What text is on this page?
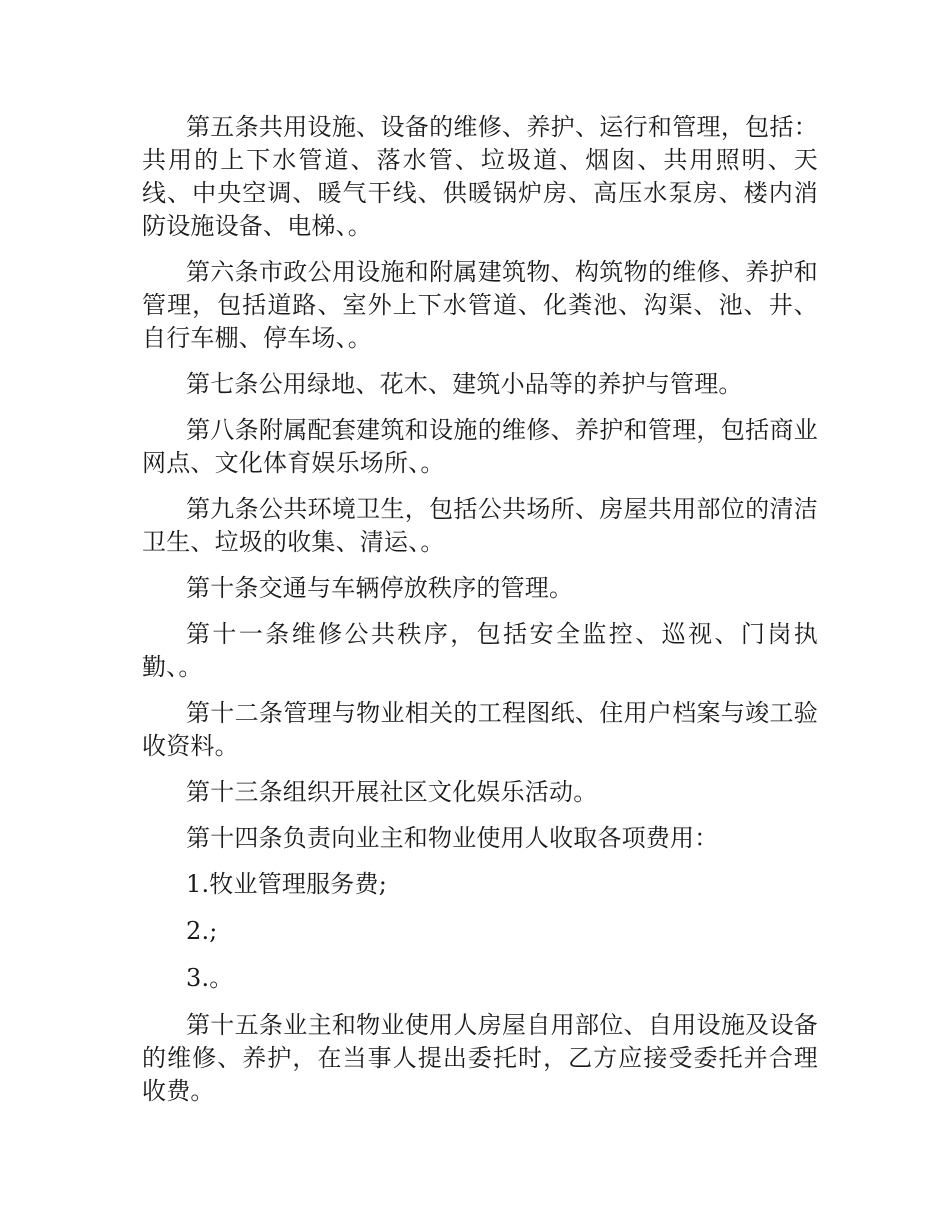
第五条共用设施、设备的维修、养护、运行和管理，包括：共用的上下水管道、落水管、垃圾道、烟囱、共用照明、天线、中央空调、暖气干线、供暖锅炉房、高压水泵房、楼内消防设施设备、电梯、。

第六条市政公用设施和附属建筑物、构筑物的维修、养护和管理，包括道路、室外上下水管道、化粪池、沟渠、池、井、自行车棚、停车场、。

第七条公用绿地、花木、建筑小品等的养护与管理。

第八条附属配套建筑和设施的维修、养护和管理，包括商业网点、文化体育娱乐场所、。

第九条公共环境卫生，包括公共场所、房屋共用部位的清洁卫生、垃圾的收集、清运、。

第十条交通与车辆停放秩序的管理。

第十一条维修公共秩序，包括安全监控、巡视、门岗执勤、。

第十二条管理与物业相关的工程图纸、住用户档案与竣工验收资料。

第十三条组织开展社区文化娱乐活动。

第十四条负责向业主和物业使用人收取各项费用：

1.牧业管理服务费;

2.;

3.。

第十五条业主和物业使用人房屋自用部位、自用设施及设备的维修、养护，在当事人提出委托时，乙方应接受委托并合理收费。
